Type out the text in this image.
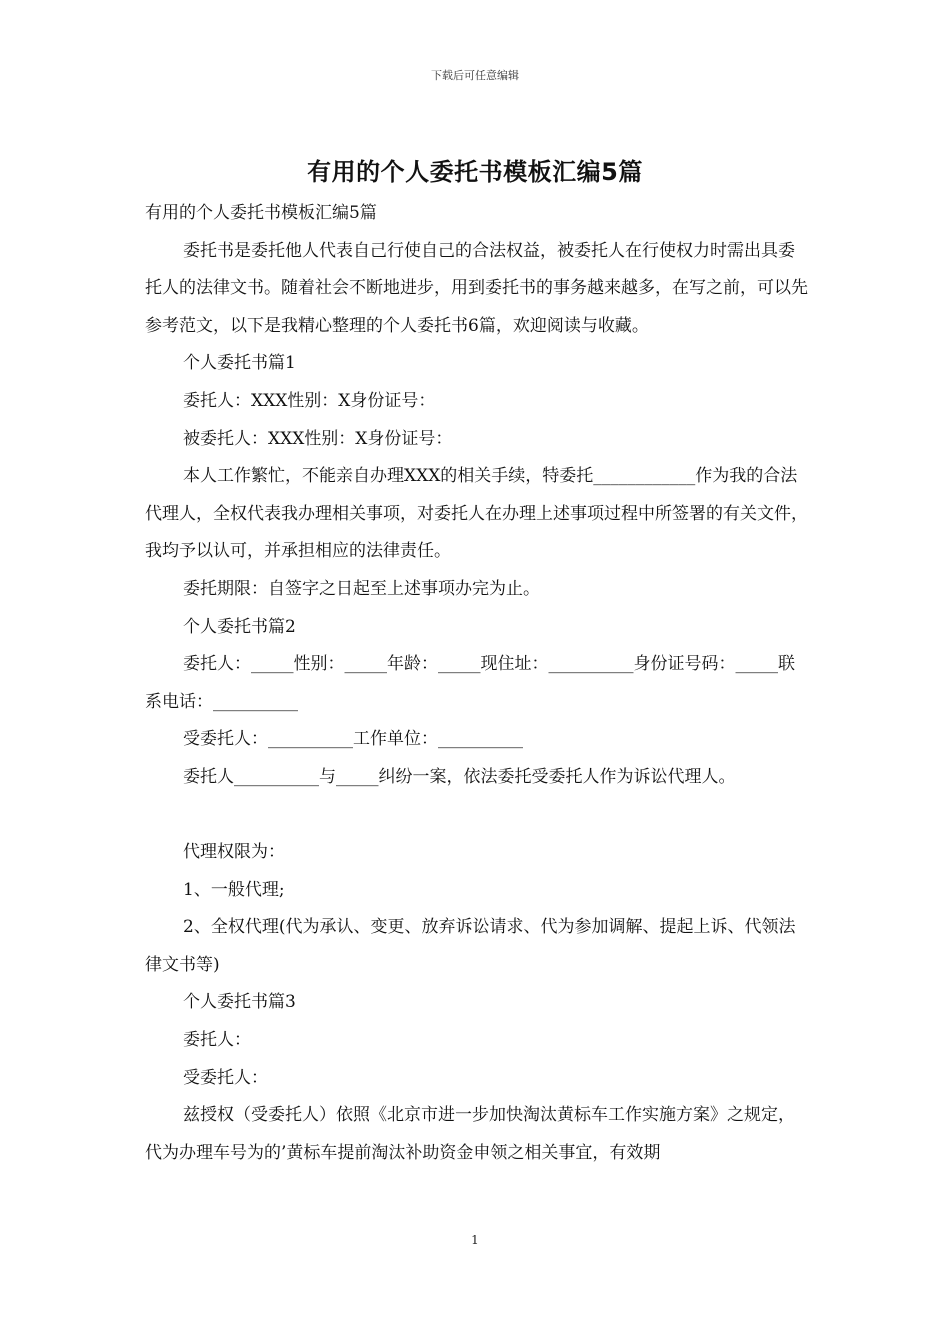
下载后可任意编辑
有用的个人委托书模板汇编5篇

有用的个人委托书模板汇编5篇

委托书是委托他人代表自己行使自己的合法权益，被委托人在行使权力时需出具委托人的法律文书。随着社会不断地进步，用到委托书的事务越来越多，在写之前，可以先参考范文，以下是我精心整理的个人委托书6篇，欢迎阅读与收藏。

个人委托书篇1

委托人：XXX性别：X身份证号：

被委托人：XXX性别：X身份证号：

本人工作繁忙，不能亲自办理XXX的相关手续，特委托____________作为我的合法代理人，全权代表我办理相关事项，对委托人在办理上述事项过程中所签署的有关文件，我均予以认可，并承担相应的法律责任。

委托期限：自签字之日起至上述事项办完为止。

个人委托书篇2

委托人：_____性别：_____年龄：_____现住址：__________身份证号码：_____联系电话：__________

受委托人：__________工作单位：__________

委托人__________与_____纠纷一案，依法委托受委托人作为诉讼代理人。

代理权限为：

1、一般代理;

2、全权代理(代为承认、变更、放弃诉讼请求、代为参加调解、提起上诉、代领法律文书等)

个人委托书篇3

委托人：

受委托人：

兹授权（受委托人）依照《北京市进一步加快淘汰黄标车工作实施方案》之规定，代为办理车号为的’黄标车提前淘汰补助资金申领之相关事宜，有效期

1
